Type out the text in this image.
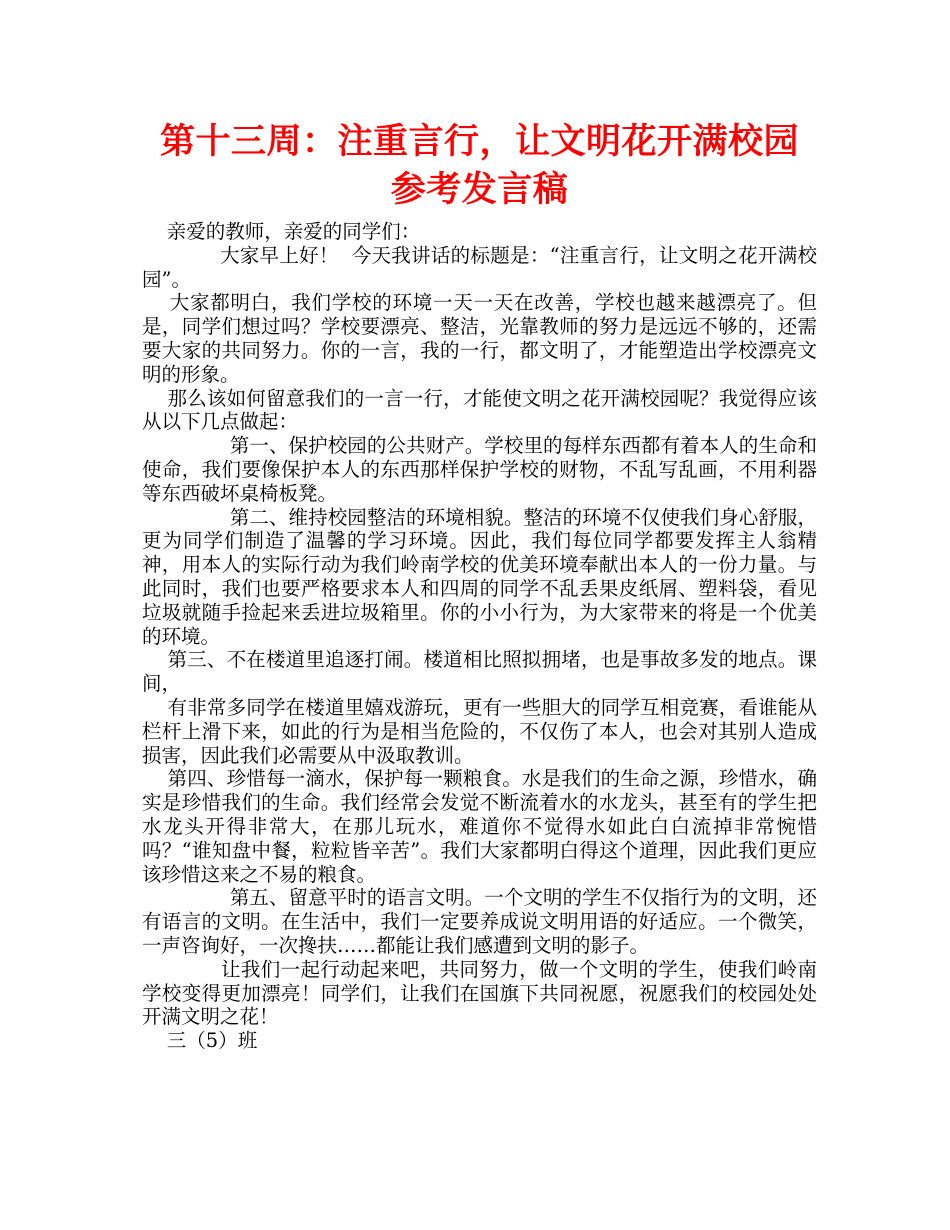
第十三周：注重言行，让文明花开满校园
参考发言稿

亲爱的教师，亲爱的同学们：

大家早上好！  今天我讲话的标题是：“注重言行，让文明之花开满校园”。

大家都明白，我们学校的环境一天一天在改善，学校也越来越漂亮了。但是，同学们想过吗？学校要漂亮、整洁，光靠教师的努力是远远不够的，还需要大家的共同努力。你的一言，我的一行，都文明了，才能塑造出学校漂亮文明的形象。

那么该如何留意我们的一言一行，才能使文明之花开满校园呢？我觉得应该从以下几点做起：

第一、保护校园的公共财产。学校里的每样东西都有着本人的生命和使命，我们要像保护本人的东西那样保护学校的财物，不乱写乱画，不用利器等东西破坏桌椅板凳。

第二、维持校园整洁的环境相貌。整洁的环境不仅使我们身心舒服，更为同学们制造了温馨的学习环境。因此，我们每位同学都要发挥主人翁精神，用本人的实际行动为我们岭南学校的优美环境奉献出本人的一份力量。与此同时，我们也要严格要求本人和四周的同学不乱丢果皮纸屑、塑料袋，看见垃圾就随手捡起来丢进垃圾箱里。你的小小行为，为大家带来的将是一个优美的环境。

第三、不在楼道里追逐打闹。楼道相比照拟拥堵，也是事故多发的地点。课间，

有非常多同学在楼道里嬉戏游玩，更有一些胆大的同学互相竞赛，看谁能从栏杆上滑下来，如此的行为是相当危险的，不仅伤了本人，也会对其别人造成损害，因此我们必需要从中汲取教训。

第四、珍惜每一滴水，保护每一颗粮食。水是我们的生命之源，珍惜水，确实是珍惜我们的生命。我们经常会发觉不断流着水的水龙头，甚至有的学生把水龙头开得非常大，在那儿玩水，难道你不觉得水如此白白流掉非常惋惜吗？“谁知盘中餐，粒粒皆辛苦”。我们大家都明白得这个道理，因此我们更应该珍惜这来之不易的粮食。

第五、留意平时的语言文明。一个文明的学生不仅指行为的文明，还有语言的文明。在生活中，我们一定要养成说文明用语的好适应。一个微笑，一声咨询好，一次搀扶……都能让我们感遭到文明的影子。

让我们一起行动起来吧，共同努力，做一个文明的学生，使我们岭南学校变得更加漂亮！同学们，让我们在国旗下共同祝愿，祝愿我们的校园处处开满文明之花！

三（5）班
